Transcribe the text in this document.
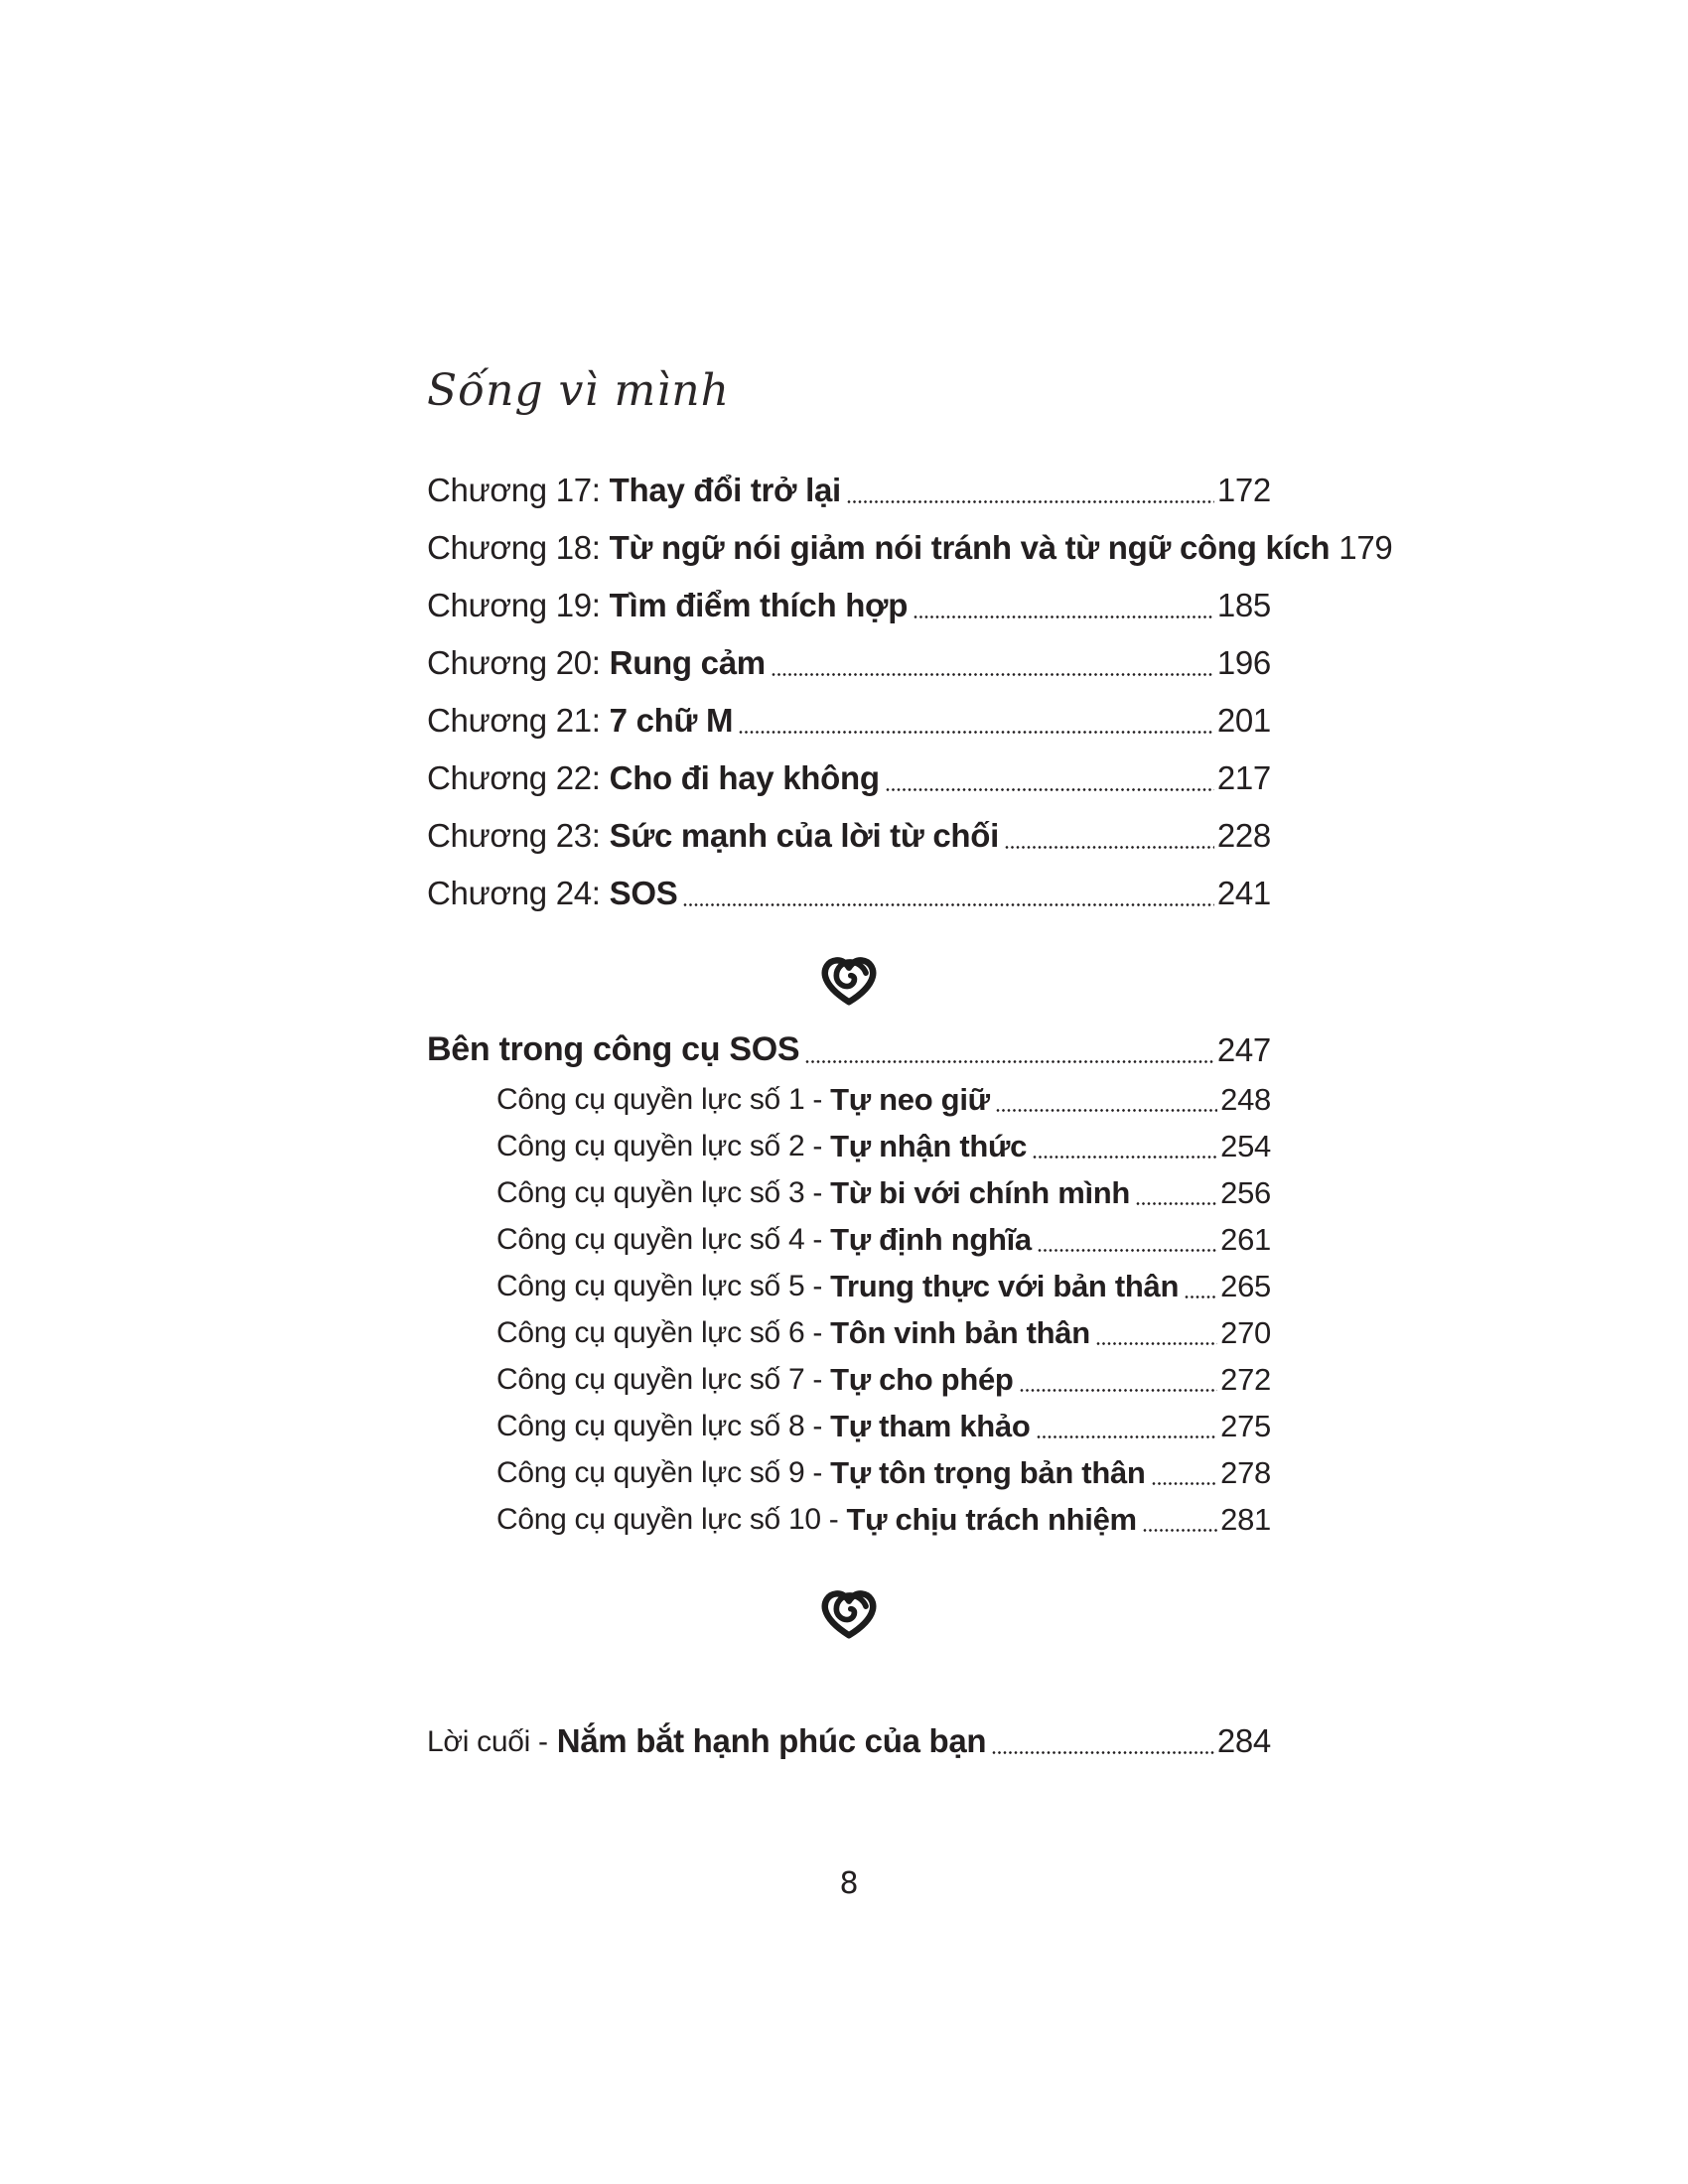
Sống vì mình
Chương 17: Thay đổi trở lại	172
Chương 18: Từ ngữ nói giảm nói tránh và từ ngữ công kích 179
Chương 19: Tìm điểm thích hợp	185
Chương 20: Rung cảm	196
Chương 21: 7 chữ M	201
Chương 22: Cho đi hay không	217
Chương 23: Sức mạnh của lời từ chối	228
Chương 24: SOS	241
Bên trong công cụ SOS	247
Công cụ quyền lực số 1 - Tự neo giữ	248
Công cụ quyền lực số 2 - Tự nhận thức	254
Công cụ quyền lực số 3 - Từ bi với chính mình	256
Công cụ quyền lực số 4 - Tự định nghĩa	261
Công cụ quyền lực số 5 - Trung thực với bản thân 265
Công cụ quyền lực số 6 - Tôn vinh bản thân	270
Công cụ quyền lực số 7 - Tự cho phép	272
Công cụ quyền lực số 8 - Tự tham khảo	275
Công cụ quyền lực số 9 - Tự tôn trọng bản thân 278
Công cụ quyền lực số 10 - Tự chịu trách nhiệm	281
Lời cuối - Nắm bắt hạnh phúc của bạn	284
8
